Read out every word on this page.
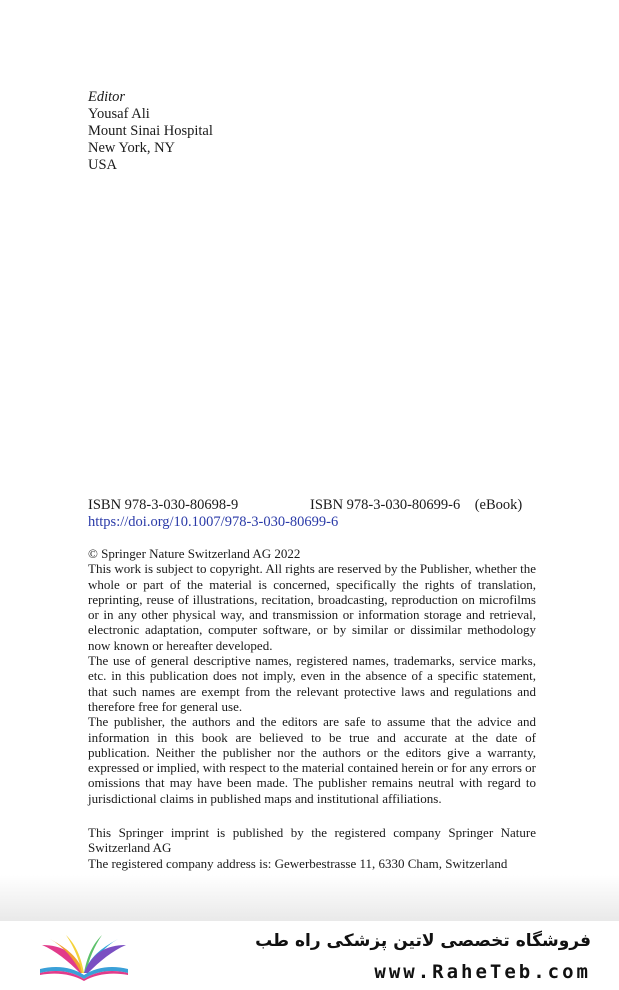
Editor
Yousaf Ali
Mount Sinai Hospital
New York, NY
USA
ISBN 978-3-030-80698-9	ISBN 978-3-030-80699-6    (eBook)
https://doi.org/10.1007/978-3-030-80699-6

© Springer Nature Switzerland AG 2022

This work is subject to copyright. All rights are reserved by the Publisher, whether the whole or part of the material is concerned, specifically the rights of translation, reprinting, reuse of illustrations, recitation, broadcasting, reproduction on microfilms or in any other physical way, and transmission or information storage and retrieval, electronic adaptation, computer software, or by similar or dissimilar methodology now known or hereafter developed.

The use of general descriptive names, registered names, trademarks, service marks, etc. in this publication does not imply, even in the absence of a specific statement, that such names are exempt from the relevant protective laws and regulations and therefore free for general use.

The publisher, the authors and the editors are safe to assume that the advice and information in this book are believed to be true and accurate at the date of publication. Neither the publisher nor the authors or the editors give a warranty, expressed or implied, with respect to the material contained herein or for any errors or omissions that may have been made. The publisher remains neutral with regard to jurisdictional claims in published maps and institutional affiliations.

This Springer imprint is published by the registered company Springer Nature Switzerland AG

The registered company address is: Gewerbestrasse 11, 6330 Cham, Switzerland

فروشگاه تخصصی لاتین پزشکی راه طب
www.RaheTeb.com
